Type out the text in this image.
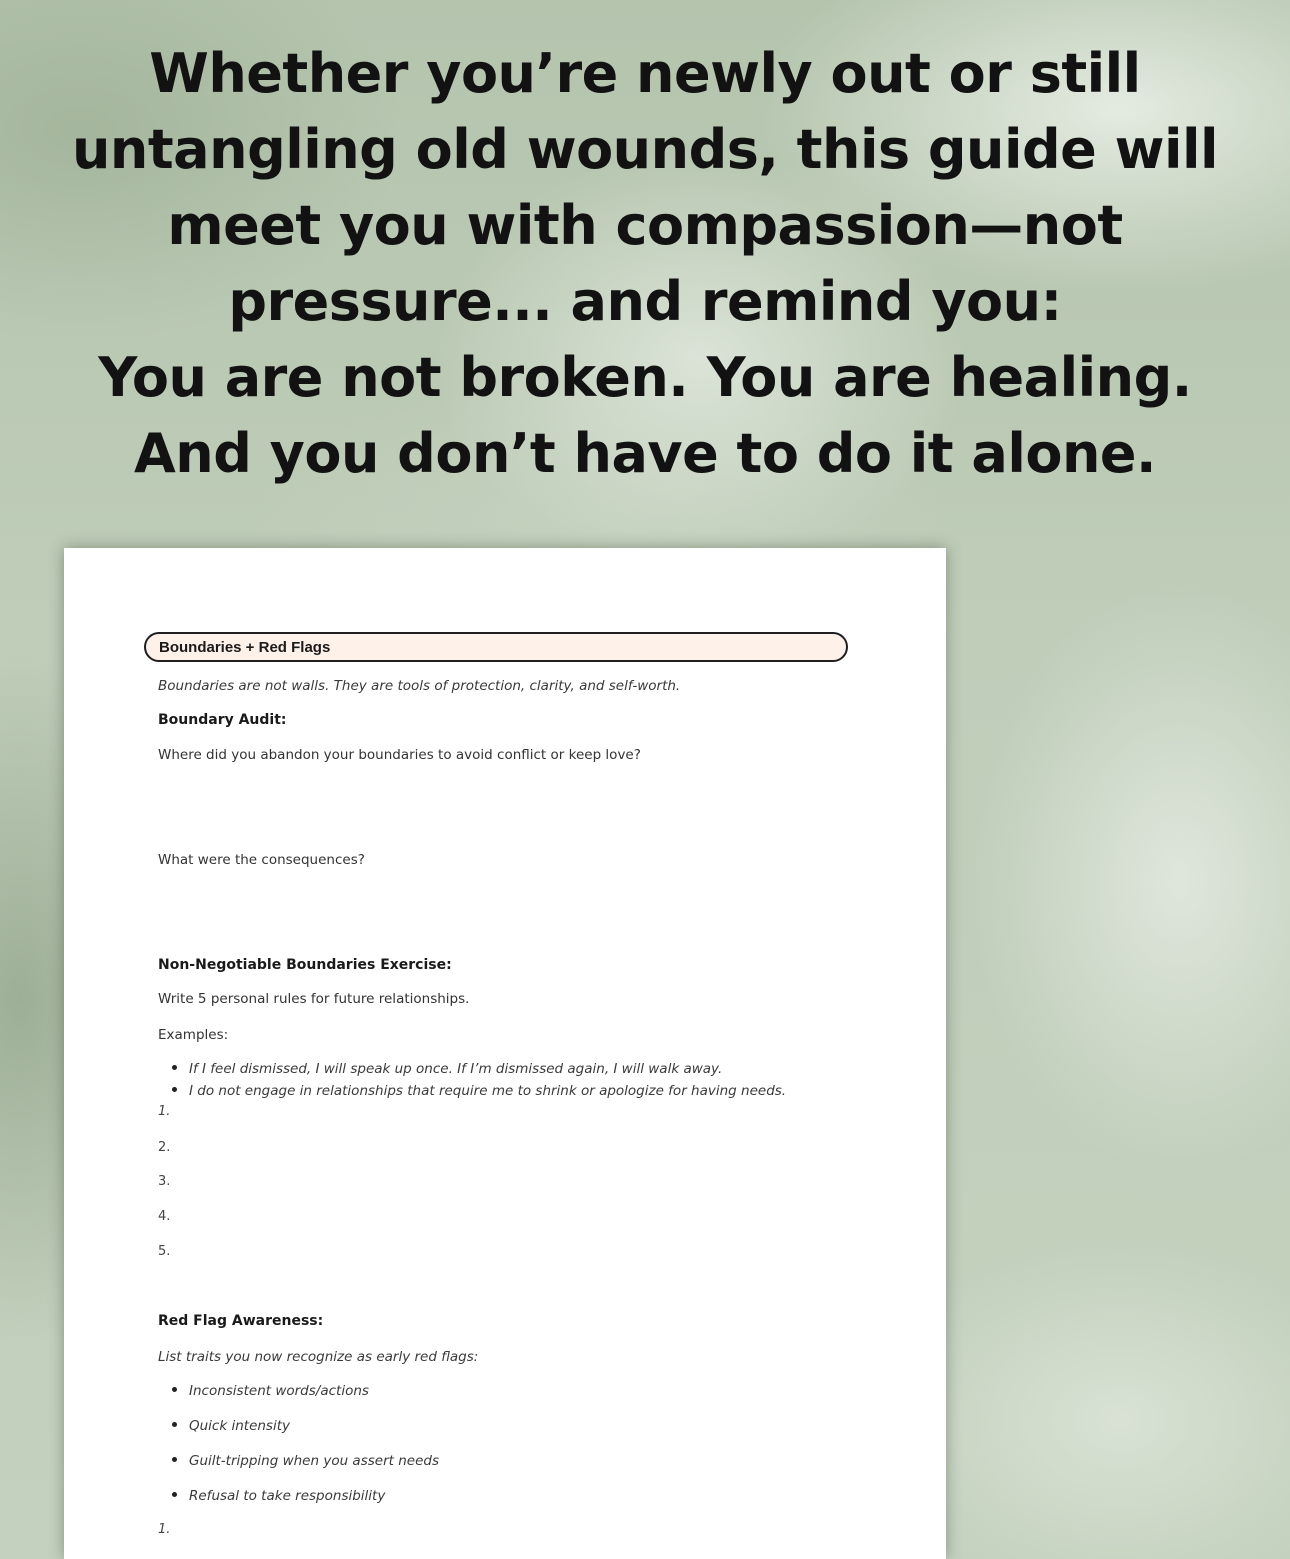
Whether you’re newly out or still
untangling old wounds, this guide will
meet you with compassion—not
pressure... and remind you:
You are not broken. You are healing.
And you don’t have to do it alone.
Boundaries + Red Flags

Boundaries are not walls. They are tools of protection, clarity, and self-worth.

Boundary Audit:

Where did you abandon your boundaries to avoid conflict or keep love?

What were the consequences?

Non-Negotiable Boundaries Exercise:

Write 5 personal rules for future relationships.

Examples:

If I feel dismissed, I will speak up once. If I’m dismissed again, I will walk away.
I do not engage in relationships that require me to shrink or apologize for having needs.
1.
2.
3.
4.
5.

Red Flag Awareness:

List traits you now recognize as early red flags:

Inconsistent words/actions
Quick intensity
Guilt-tripping when you assert needs
Refusal to take responsibility
1.
